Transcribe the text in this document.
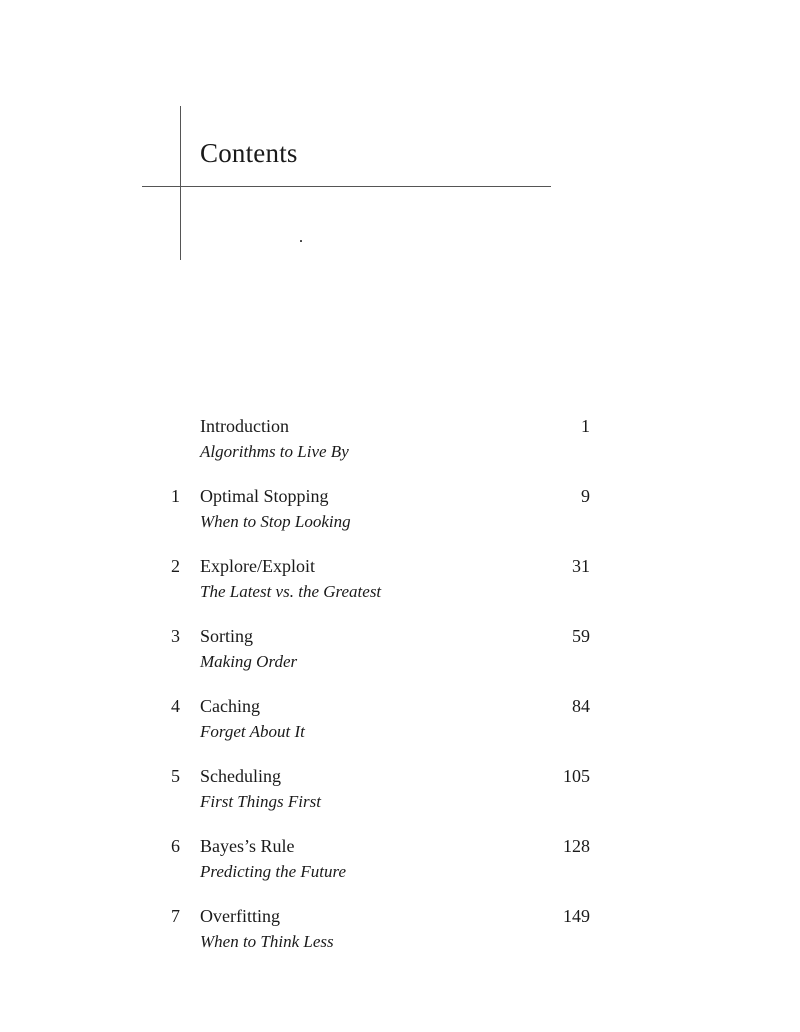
Contents
Introduction	1
Algorithms to Live By
1 Optimal Stopping	9
When to Stop Looking
2 Explore/Exploit	31
The Latest vs. the Greatest
3 Sorting	59
Making Order
4 Caching	84
Forget About It
5 Scheduling	105
First Things First
6 Bayes’s Rule	128
Predicting the Future
7 Overfitting	149
When to Think Less
